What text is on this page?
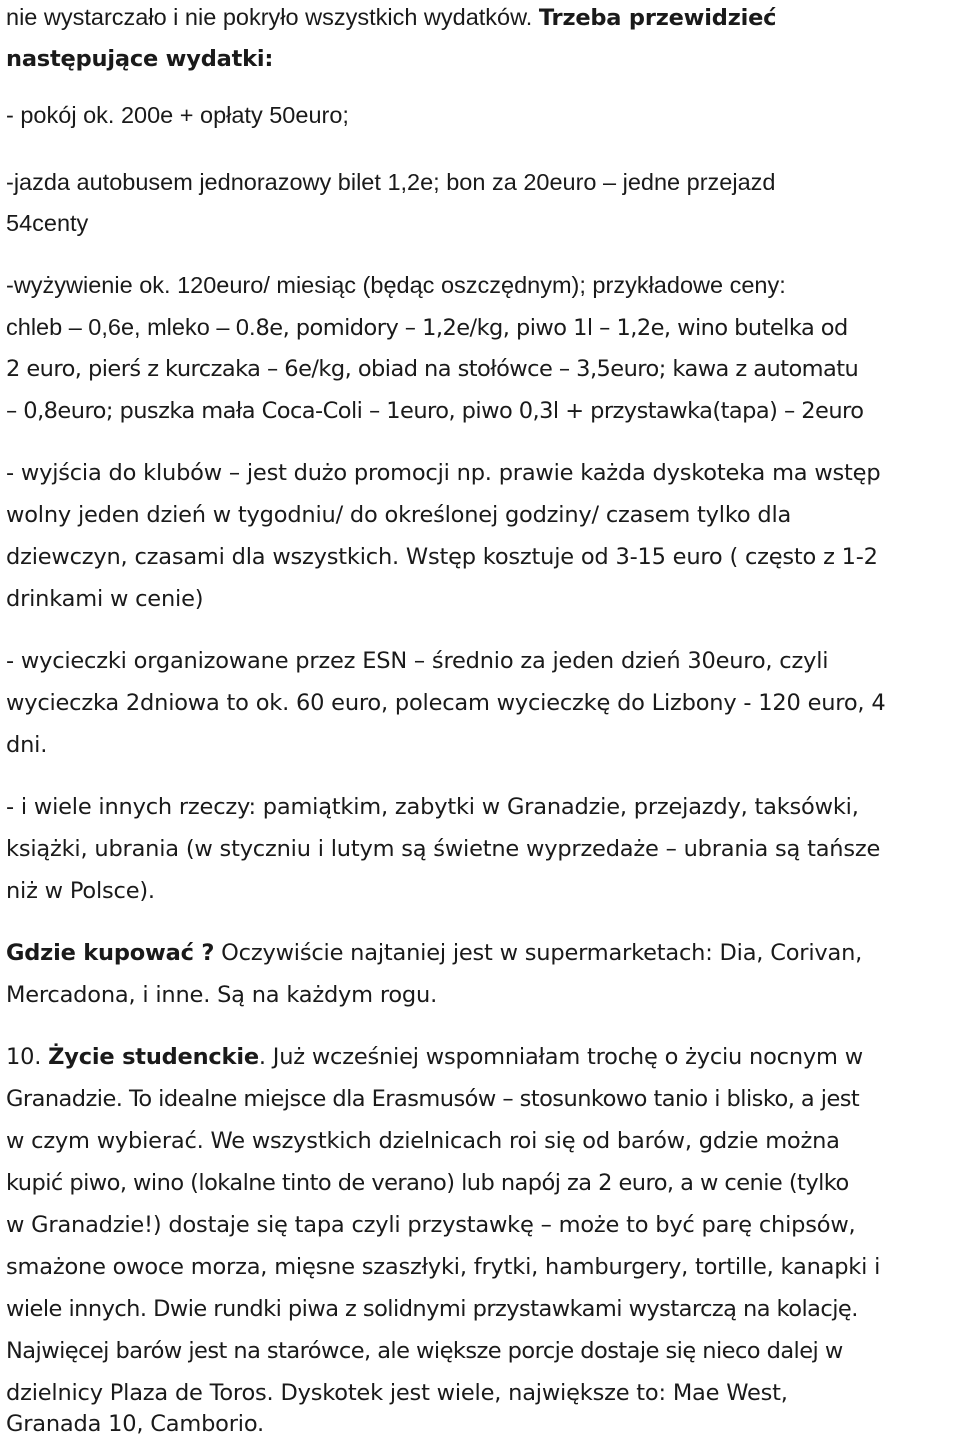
nie wystarczało i nie pokryło wszystkich wydatków. Trzeba przewidzieć
następujące wydatki:
- pokój ok. 200e + opłaty 50euro;
-jazda autobusem jednorazowy bilet 1,2e; bon za 20euro – jedne przejazd
54centy
-wyżywienie ok. 120euro/ miesiąc (będąc oszczędnym); przykładowe ceny:
chleb – 0,6e, mleko – 0.8e, pomidory – 1,2e/kg, piwo 1l – 1,2e, wino butelka od
2 euro, pierś z kurczaka – 6e/kg, obiad na stołówce – 3,5euro; kawa z automatu
– 0,8euro; puszka mała Coca-Coli – 1euro, piwo 0,3l + przystawka(tapa) – 2euro
- wyjścia do klubów – jest dużo promocji np. prawie każda dyskoteka ma wstęp
wolny jeden dzień w tygodniu/ do określonej godziny/ czasem tylko dla
dziewczyn, czasami dla wszystkich. Wstęp kosztuje od 3-15 euro ( często z 1-2
drinkami w cenie)
- wycieczki organizowane przez ESN – średnio za jeden dzień 30euro, czyli
wycieczka 2dniowa to ok. 60 euro, polecam wycieczkę do Lizbony - 120 euro, 4
dni.
- i wiele innych rzeczy: pamiątkim, zabytki w Granadzie, przejazdy, taksówki,
książki, ubrania (w styczniu i lutym są świetne wyprzedaże – ubrania są tańsze
niż w Polsce).
Gdzie kupować ? Oczywiście najtaniej jest w supermarketach: Dia, Corivan,
Mercadona, i inne. Są na każdym rogu.
10. Życie studenckie. Już wcześniej wspomniałam trochę o życiu nocnym w
Granadzie. To idealne miejsce dla Erasmusów – stosunkowo tanio i blisko, a jest
w czym wybierać. We wszystkich dzielnicach roi się od barów, gdzie można
kupić piwo, wino (lokalne tinto de verano) lub napój za 2 euro, a w cenie (tylko
w Granadzie!) dostaje się tapa czyli przystawkę – może to być parę chipsów,
smażone owoce morza, mięsne szaszłyki, frytki, hamburgery, tortille, kanapki i
wiele innych. Dwie rundki piwa z solidnymi przystawkami wystarczą na kolację.
Najwięcej barów jest na starówce, ale większe porcje dostaje się nieco dalej w
dzielnicy Plaza de Toros. Dyskotek jest wiele, największe to: Mae West,
Granada 10, Camborio.
